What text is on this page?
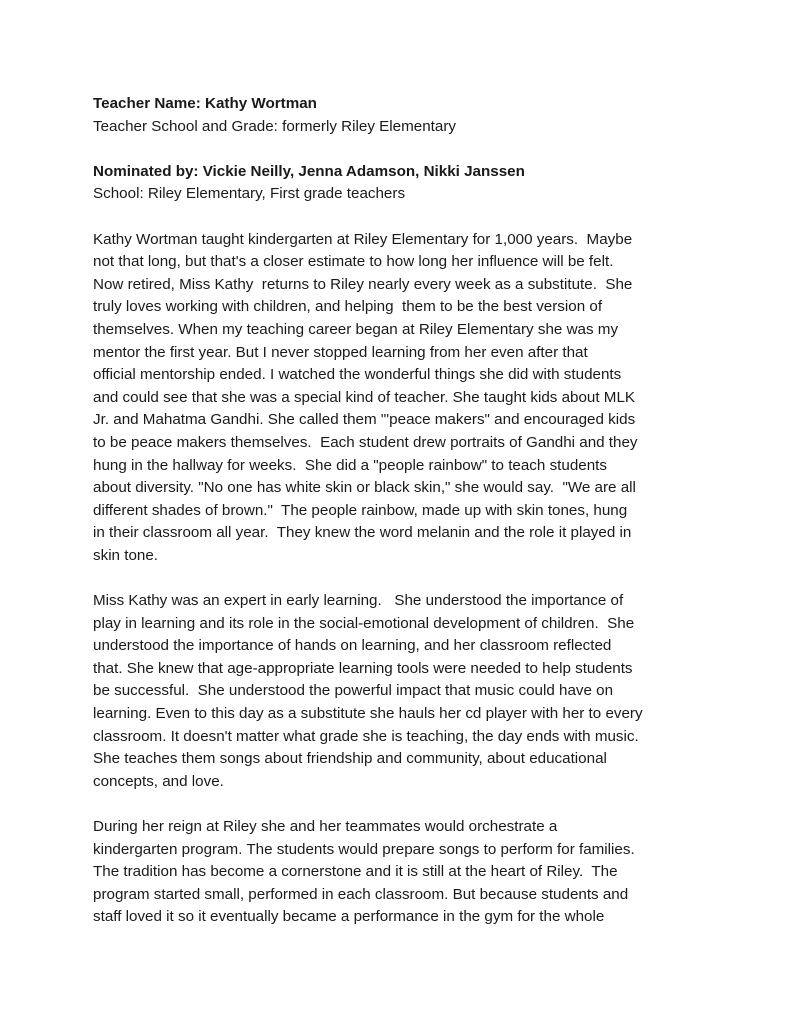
Teacher Name: Kathy Wortman
Teacher School and Grade: formerly Riley Elementary
Nominated by: Vickie Neilly, Jenna Adamson, Nikki Janssen
School: Riley Elementary, First grade teachers
Kathy Wortman taught kindergarten at Riley Elementary for 1,000 years.  Maybe
not that long, but that's a closer estimate to how long her influence will be felt.
Now retired, Miss Kathy  returns to Riley nearly every week as a substitute.  She
truly loves working with children, and helping  them to be the best version of
themselves. When my teaching career began at Riley Elementary she was my
mentor the first year. But I never stopped learning from her even after that
official mentorship ended. I watched the wonderful things she did with students
and could see that she was a special kind of teacher. She taught kids about MLK
Jr. and Mahatma Gandhi. She called them "'peace makers" and encouraged kids
to be peace makers themselves.  Each student drew portraits of Gandhi and they
hung in the hallway for weeks.  She did a "people rainbow" to teach students
about diversity. "No one has white skin or black skin," she would say.  "We are all
different shades of brown."  The people rainbow, made up with skin tones, hung
in their classroom all year.  They knew the word melanin and the role it played in
skin tone.
Miss Kathy was an expert in early learning.   She understood the importance of
play in learning and its role in the social-emotional development of children.  She
understood the importance of hands on learning, and her classroom reflected
that. She knew that age-appropriate learning tools were needed to help students
be successful.  She understood the powerful impact that music could have on
learning. Even to this day as a substitute she hauls her cd player with her to every
classroom. It doesn't matter what grade she is teaching, the day ends with music.
She teaches them songs about friendship and community, about educational
concepts, and love.
During her reign at Riley she and her teammates would orchestrate a
kindergarten program. The students would prepare songs to perform for families.
The tradition has become a cornerstone and it is still at the heart of Riley.  The
program started small, performed in each classroom. But because students and
staff loved it so it eventually became a performance in the gym for the whole
